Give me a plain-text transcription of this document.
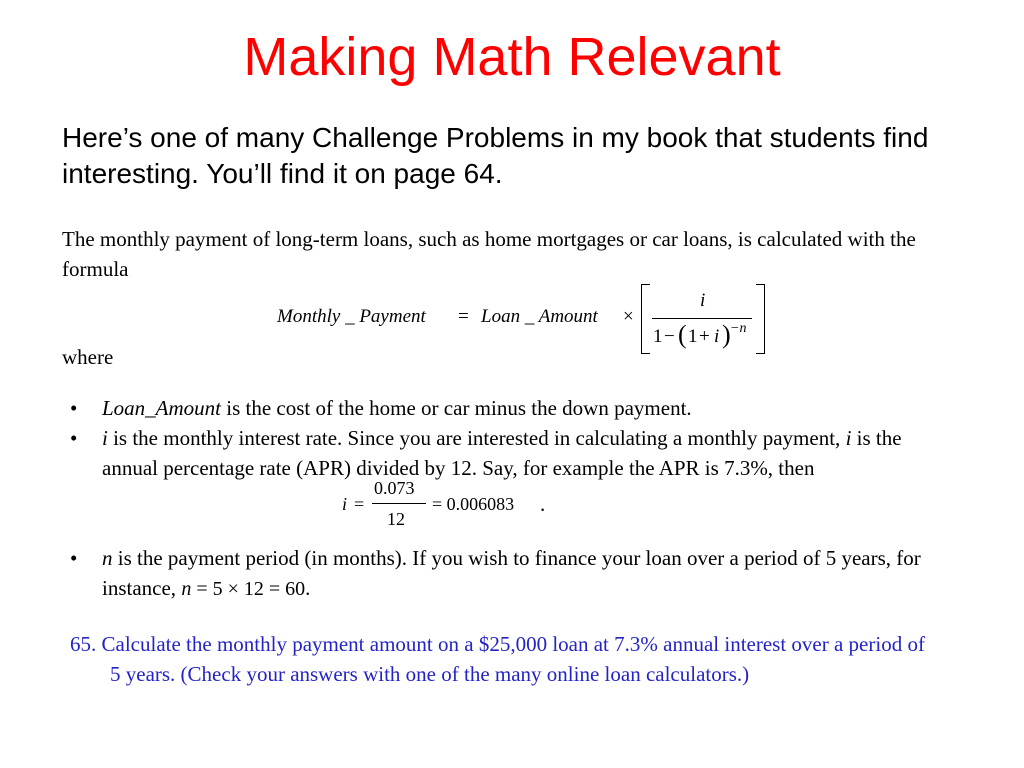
Making Math Relevant
Here’s one of many Challenge Problems in my book that students find interesting. You’ll find it on page 64.
The monthly payment of long-term loans, such as home mortgages or car loans, is calculated with the formula
Monthly _ Payment = Loan _ Amount ×
i
1 − ( 1 + i ) −n
where
• Loan_Amount is the cost of the home or car minus the down payment.
• i is the monthly interest rate. Since you are interested in calculating a monthly payment, i is the annual percentage rate (APR) divided by 12. Say, for example the APR is 7.3%, then
• n is the payment period (in months). If you wish to finance your loan over a period of 5 years, for instance, n = 5 × 12 = 60.
i =
0.073
12
= 0.006083 .
65. Calculate the monthly payment amount on a $25,000 loan at 7.3% annual interest over a period of 5 years. (Check your answers with one of the many online loan calculators.)
